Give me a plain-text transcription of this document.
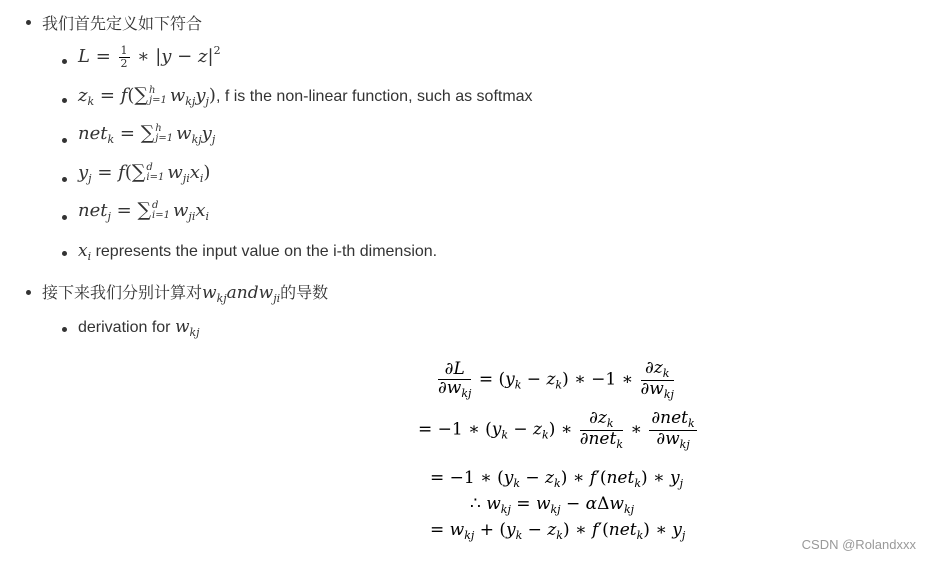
我们首先定义如下符合
$L = \frac{1}{2}$ ∗ $|y - z|^2$
$z_k = f(\sum$ h
j=1 $w_{kj}y_j$), f is the non-linear function, such as softmax
net$_k$ = ∑ h
j=1 $w_{kj}y_j$
$y_j = f(\sum$ d
i=1 $w_{ji}x_i$)
net$_j$ = ∑ d
i=1 $w_{ji}x_i$
$x_i$ represents the input value on the i-th dimension.
接下来我们分别计算对$w_{kj}andw_{ji}$的导数
derivation for $w_{kj}$
$\frac{\partial L}{\partial w_{kj}} = (y_k - z_k)$ ∗ −1 ∗ $\frac{\partial z_k}{\partial w_{kj}}$
= −1 ∗ $(y_k - z_k)$ ∗ $\frac{\partial z_k}{\partial net_k}$ ∗ $\frac{\partial net_k}{\partial w_{kj}}$
= −1 ∗ $(y_k - z_k)$ ∗ f′(net$_k$) ∗ $y_j$
∴ $w_{kj} = w_{kj} - \alpha\Delta w_{kj}$
= $w_{kj} + (y_k - z_k)$ ∗ f′(net$_k$) ∗ $y_j$
CSDN @Rolandxxx
